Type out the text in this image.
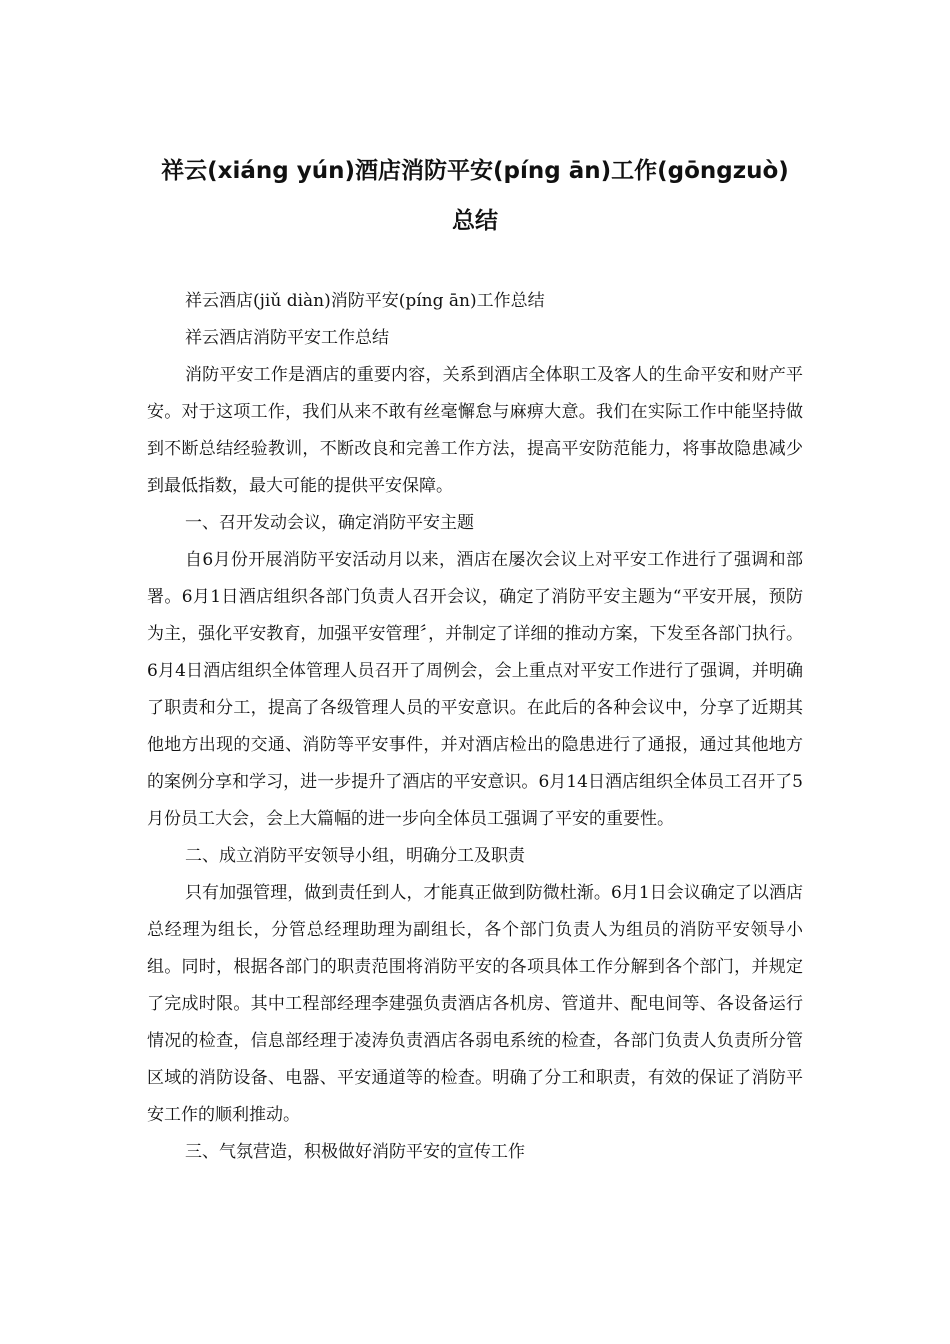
祥云(xiáng yún)酒店消防平安(píng ān)工作(gōngzuò)
总结

祥云酒店(jiǔ diàn)消防平安(píng ān)工作总结

祥云酒店消防平安工作总结

消防平安工作是酒店的重要内容，关系到酒店全体职工及客人的生命平安和财产平安。对于这项工作，我们从来不敢有丝毫懈怠与麻痹大意。我们在实际工作中能坚持做到不断总结经验教训，不断改良和完善工作方法，提高平安防范能力，将事故隐患减少到最低指数，最大可能的提供平安保障。

一、召开发动会议，确定消防平安主题

自6月份开展消防平安活动月以来，酒店在屡次会议上对平安工作进行了强调和部署。6月1日酒店组织各部门负责人召开会议，确定了消防平安主题为“平安开展，预防为主，强化平安教育，加强平安管理〞，并制定了详细的推动方案，下发至各部门执行。6月4日酒店组织全体管理人员召开了周例会，会上重点对平安工作进行了强调，并明确了职责和分工，提高了各级管理人员的平安意识。在此后的各种会议中，分享了近期其他地方出现的交通、消防等平安事件，并对酒店检出的隐患进行了通报，通过其他地方的案例分享和学习，进一步提升了酒店的平安意识。6月14日酒店组织全体员工召开了5月份员工大会，会上大篇幅的进一步向全体员工强调了平安的重要性。

二、成立消防平安领导小组，明确分工及职责

只有加强管理，做到责任到人，才能真正做到防微杜渐。6月1日会议确定了以酒店总经理为组长，分管总经理助理为副组长，各个部门负责人为组员的消防平安领导小组。同时，根据各部门的职责范围将消防平安的各项具体工作分解到各个部门，并规定了完成时限。其中工程部经理李建强负责酒店各机房、管道井、配电间等、各设备运行情况的检查，信息部经理于凌涛负责酒店各弱电系统的检查，各部门负责人负责所分管区域的消防设备、电器、平安通道等的检查。明确了分工和职责，有效的保证了消防平安工作的顺利推动。

三、气氛营造，积极做好消防平安的宣传工作
